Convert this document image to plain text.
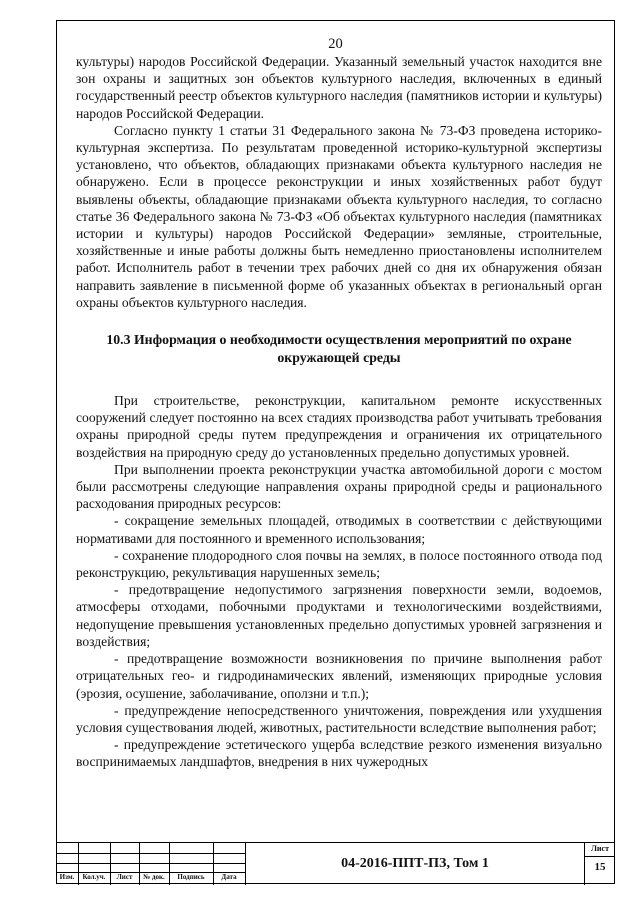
20

культуры) народов Российской Федерации. Указанный земельный участок находится вне зон охраны и защитных зон объектов культурного наследия, включенных в единый государственный реестр объектов культурного наследия (памятников истории и культуры) народов Российской Федерации.

Согласно пункту 1 статьи 31 Федерального закона № 73-ФЗ проведена историко-культурная экспертиза. По результатам проведенной историко-культурной экспертизы установлено, что объектов, обладающих признаками объекта культурного наследия не обнаружено. Если в процессе реконструкции и иных хозяйственных работ будут выявлены объекты, обладающие признаками объекта культурного наследия, то согласно статье 36 Федерального закона № 73-ФЗ «Об объектах культурного наследия (памятниках истории и культуры) народов Российской Федерации» земляные, строительные, хозяйственные и иные работы должны быть немедленно приостановлены исполнителем работ. Исполнитель работ в течении трех рабочих дней со дня их обнаружения обязан направить заявление в письменной форме об указанных объектах в региональный орган охраны объектов культурного наследия.

10.3 Информация о необходимости осуществления мероприятий по охране окружающей среды

При строительстве, реконструкции, капитальном ремонте искусственных сооружений следует постоянно на всех стадиях производства работ учитывать требования охраны природной среды путем предупреждения и ограничения их отрицательного воздействия на природную среду до установленных предельно допустимых уровней.

При выполнении проекта реконструкции участка автомобильной дороги с мостом были рассмотрены следующие направления охраны природной среды и рационального расходования природных ресурсов:

- сокращение земельных площадей, отводимых в соответствии с действующими нормативами для постоянного и временного использования;

- сохранение плодородного слоя почвы на землях, в полосе постоянного отвода под реконструкцию, рекультивация нарушенных земель;

- предотвращение недопустимого загрязнения поверхности земли, водоемов, атмосферы отходами, побочными продуктами и технологическими воздействиями, недопущение превышения установленных предельно допустимых уровней загрязнения и воздействия;

- предотвращение возможности возникновения по причине выполнения работ отрицательных гео- и гидродинамических явлений, изменяющих природные условия (эрозия, осушение, заболачивание, оползни и т.п.);

- предупреждение непосредственного уничтожения, повреждения или ухудшения условия существования людей, животных, растительности вследствие выполнения работ;

- предупреждение эстетического ущерба вследствие резкого изменения визуально воспринимаемых ландшафтов, внедрения в них чужеродных

Изм.	Кол.уч.	Лист	№ док.	Подпись	Дата
04-2016-ППТ-ПЗ, Том 1
Лист
15
